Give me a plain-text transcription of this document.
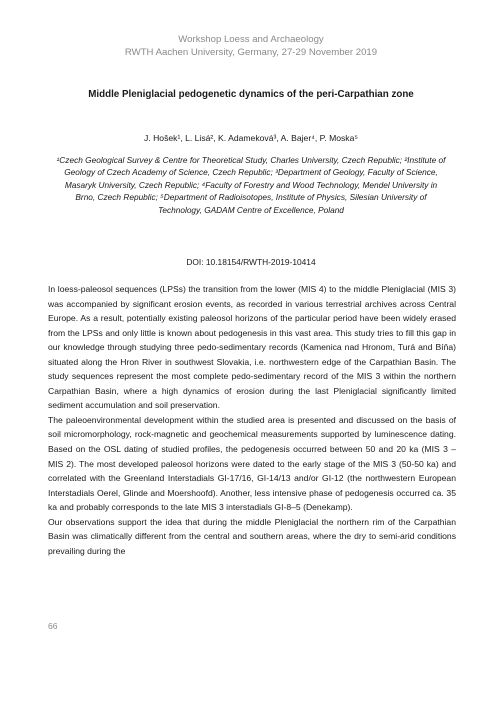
Workshop Loess and Archaeology
RWTH Aachen University, Germany, 27-29 November 2019
Middle Pleniglacial pedogenetic dynamics of the peri-Carpathian zone
J. Hošek¹, L. Lisá², K. Adameková³, A. Bajer⁴, P. Moska⁵
¹Czech Geological Survey & Centre for Theoretical Study, Charles University, Czech Republic; ²Institute of Geology of Czech Academy of Science, Czech Republic; ³Department of Geology, Faculty of Science, Masaryk University, Czech Republic; ⁴Faculty of Forestry and Wood Technology, Mendel University in Brno, Czech Republic; ⁵Department of Radioisotopes, Institute of Physics, Silesian University of Technology, GADAM Centre of Excellence, Poland
DOI: 10.18154/RWTH-2019-10414

In loess-paleosol sequences (LPSs) the transition from the lower (MIS 4) to the middle Pleniglacial (MIS 3) was accompanied by significant erosion events, as recorded in various terrestrial archives across Central Europe. As a result, potentially existing paleosol horizons of the particular period have been widely erased from the LPSs and only little is known about pedogenesis in this vast area. This study tries to fill this gap in our knowledge through studying three pedo-sedimentary records (Kamenica nad Hronom, Turá and Bíňa) situated along the Hron River in southwest Slovakia, i.e. northwestern edge of the Carpathian Basin. The study sequences represent the most complete pedo-sedimentary record of the MIS 3 within the northern Carpathian Basin, where a high dynamics of erosion during the last Pleniglacial significantly limited sediment accumulation and soil preservation.

The paleoenvironmental development within the studied area is presented and discussed on the basis of soil micromorphology, rock-magnetic and geochemical measurements supported by luminescence dating. Based on the OSL dating of studied profiles, the pedogenesis occurred between 50 and 20 ka (MIS 3 – MIS 2). The most developed paleosol horizons were dated to the early stage of the MIS 3 (50-50 ka) and correlated with the Greenland Interstadials GI-17/16, GI-14/13 and/or GI-12 (the northwestern European Interstadials Oerel, Glinde and Moershoofd). Another, less intensive phase of pedogenesis occurred ca. 35 ka and probably corresponds to the late MIS 3 interstadials GI-8–5 (Denekamp).

Our observations support the idea that during the middle Pleniglacial the northern rim of the Carpathian Basin was climatically different from the central and southern areas, where the dry to semi-arid conditions prevailing during the

66
